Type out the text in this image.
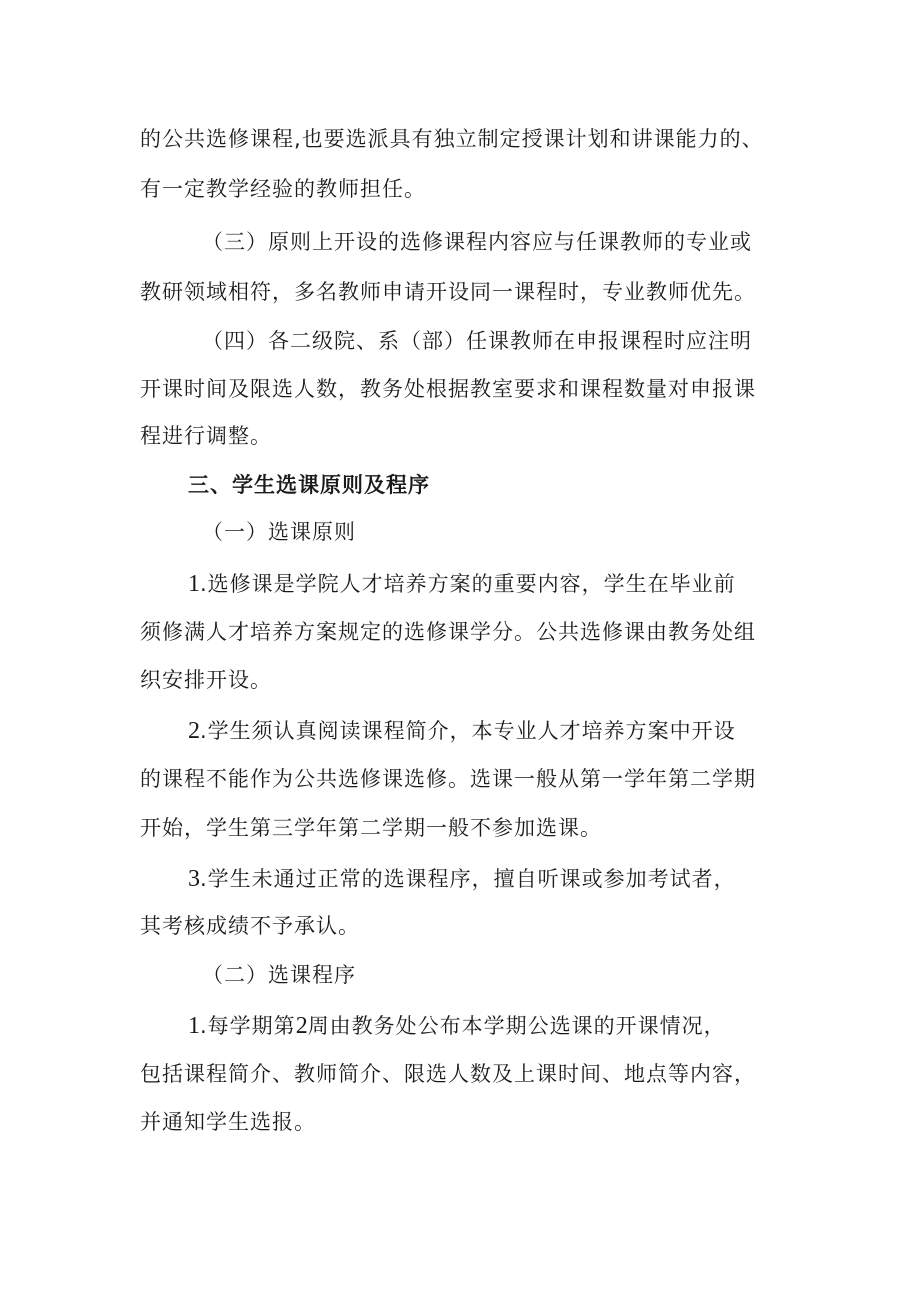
的公共选修课程,也要选派具有独立制定授课计划和讲课能力的、
有一定教学经验的教师担任。
（三）原则上开设的选修课程内容应与任课教师的专业或
教研领域相符，多名教师申请开设同一课程时，专业教师优先。
（四）各二级院、系（部）任课教师在申报课程时应注明
开课时间及限选人数，教务处根据教室要求和课程数量对申报课
程进行调整。
三、学生选课原则及程序
（一）选课原则
1.选修课是学院人才培养方案的重要内容，学生在毕业前
须修满人才培养方案规定的选修课学分。公共选修课由教务处组
织安排开设。
2.学生须认真阅读课程简介，本专业人才培养方案中开设
的课程不能作为公共选修课选修。选课一般从第一学年第二学期
开始，学生第三学年第二学期一般不参加选课。
3.学生未通过正常的选课程序，擅自听课或参加考试者，
其考核成绩不予承认。
（二）选课程序
1.每学期第2周由教务处公布本学期公选课的开课情况，
包括课程简介、教师简介、限选人数及上课时间、地点等内容，
并通知学生选报。
